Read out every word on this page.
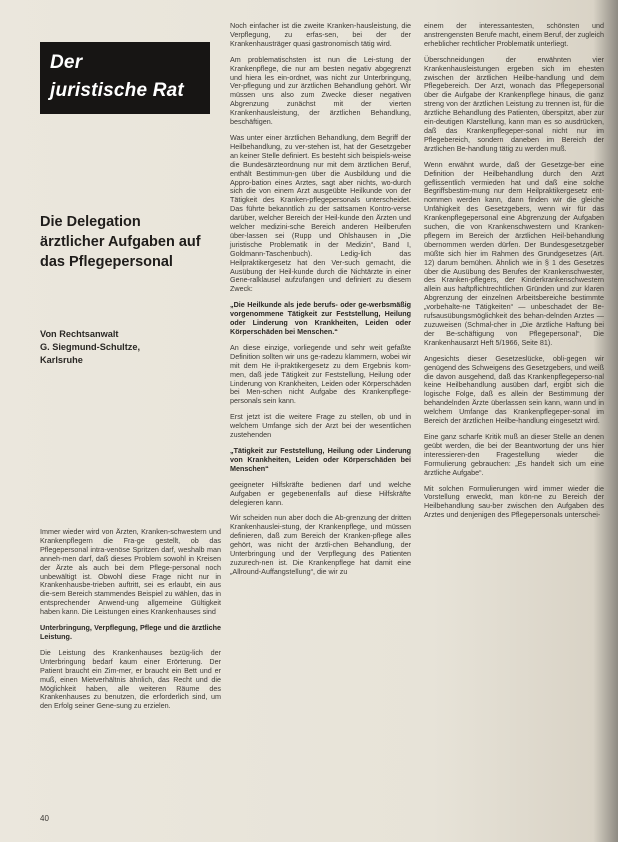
Der
juristische Rat
Die Delegation
ärztlicher Aufgaben auf
das Pflegepersonal
Von Rechtsanwalt
G. Siegmund-Schultze,
Karlsruhe

Immer wieder wird von Ärzten, Kranken-schwestern und Krankenpflegern die Fra-ge gestellt, ob das Pflegepersonal intra-venöse Spritzen darf, weshalb man anneh-men darf, daß dieses Problem sowohl in Kreisen der Ärzte als auch bei dem Pflege-personal noch unbewältigt ist. Obwohl diese Frage nicht nur in Krankenhausbe-trieben auftritt, sei es erlaubt, ein aus die-sem Bereich stammendes Beispiel zu wählen, das in entsprechender Anwend-ung allgemeine Gültigkeit haben kann. Die Leistungen eines Krankenhauses sind

Unterbringung, Verpflegung, Pflege und die ärztliche Leistung.

Die Leistung des Krankenhauses bezüg-lich der Unterbringung bedarf kaum einer Erörterung. Der Patient braucht ein Zim-mer, er braucht ein Bett und er muß, einen Mietverhältnis ähnlich, das Recht und die Möglichkeit haben, alle weiteren Räume des Krankenhauses zu benutzen, die erforderlich sind, um den Erfolg seiner Gene-sung zu erzielen.

Noch einfacher ist die zweite Kranken-hausleistung, die Verpflegung, zu erfas-sen, bei der der Krankenhausträger quasi gastronomisch tätig wird.

Am problematischsten ist nun die Lei-stung der Krankenpflege, die nur am besten negativ abgegrenzt und hiera les ein-ordnet, was nicht zur Unterbringung, Ver-pflegung und zur ärztlichen Behandlung gehört. Wir müssen uns also zum Zwecke dieser negativen Abgrenzung zunächst mit der vierten Krankenhausleistung, der ärztlichen Behandlung, beschäftigen.

Was unter einer ärztlichen Behandlung, dem Begriff der Heilbehandlung, zu ver-stehen ist, hat der Gesetzgeber an keiner Stelle definiert. Es besteht sich beispiels-weise die Bundesärzteordnung nur mit dem ärztlichen Beruf, enthält Bestimmun-gen über die Ausbildung und die Appro-bation eines Arztes, sagt aber nichts, wo-durch sich die von einem Arzt ausgeübte Heilkunde von der Tätigkeit des Kranken-pflegepersonals unterscheidet. Das führte bekanntlich zu der sattsamen Kontro-verse darüber, welcher Bereich der Heil-kunde den Ärzten und welcher medizini-sche Bereich anderen Heilberufen über-lassen sei (Rupp und Ohlshausen in „Die juristische Problematik in der Medizin“, Band I, Goldmann-Taschenbuch). Ledig-lich das Heilpraktikergesetz hat den Ver-such gemacht, die Ausübung der Heil-kunde durch die Nichtärzte in einer Gene-ralklausel aufzufangen und definiert zu diesem Zweck:

„Die Heilkunde als jede berufs- oder ge-werbsmäßig vorgenommene Tätigkeit zur Feststellung, Heilung oder Linderung von Krankheiten, Leiden oder Körperschäden bei Menschen.“

An diese einzige, vorliegende und sehr weit gefaßte Definition sollten wir uns ge-radezu klammern, wobei wir mit dem He il-praktikergesetz zu dem Ergebnis kom-men, daß jede Tätigkeit zur Feststellung, Heilung oder Linderung von Krankheiten, Leiden oder Körperschäden bei Men-schen nicht Aufgabe des Krankenpflege-personals sein kann.

Erst jetzt ist die weitere Frage zu stellen, ob und in welchem Umfange sich der Arzt bei der wesentlichen zustehenden

„Tätigkeit zur Feststellung, Heilung oder Linderung von Krankheiten, Leiden oder Körperschäden bei Menschen“

geeigneter Hilfskräfte bedienen darf und welche Aufgaben er gegebenenfalls auf diese Hilfskräfte delegieren kann.

Wir scheiden nun aber doch die Ab-grenzung der dritten Krankenhauslei-stung, der Krankenpflege, und müssen definieren, daß zum Bereich der Kranken-pflege alles gehört, was nicht der ärztli-chen Behandlung, der Unterbringung und der Verpflegung des Patienten zuzurech-nen ist. Die Krankenpflege hat damit eine „Allround-Auffangstellung“, die wir zu

einem der interessantesten, schönsten und anstrengensten Berufe macht, einem Beruf, der zugleich erheblicher rechtlicher Problematik unterliegt.

Überschneidungen der erwähnten vier Krankenhausleistungen ergeben sich im ehesten zwischen der ärztlichen Heilbe-handlung und dem Pflegebereich. Der Arzt, wonach das Pflegepersonal über die Aufgabe der Krankenpflege hinaus, die ganz streng von der ärztlichen Leistung zu trennen ist, für die ärztliche Behandlung des Patienten, überspitzt, aber zur ein-deutigen Klarstellung, kann man es so ausdrücken, daß das Krankenpflegeper-sonal nicht nur im Pflegebereich, sondern daneben im Bereich der ärztlichen Be-handlung tätig zu werden muß.

Wenn erwähnt wurde, daß der Gesetzge-ber eine Definition der Heilbehandlung durch den Arzt geflissentlich vermieden hat und daß eine solche Begriffsbestim-mung nur dem Heilpraktikergesetz ent-nommen werden kann, dann finden wir die gleiche Unfähigkeit des Gesetzgebers, wenn wir für das Krankenpflegepersonal eine Abgrenzung der Aufgaben suchen, die von Krankenschwestern und Kranken-pflegern im Bereich der ärztlichen Heil-behandlung übernommen werden dürfen. Der Bundesgesetzgeber müßte sich hier im Rahmen des Grundgesetzes (Art. 12) darum bemühen. Ähnlich wie in § 1 des Gesetzes über die Ausübung des Berufes der Krankenschwester, des Kranken-pflegers, der Kinderkrankenschwestern allein aus haftpflichtrechtlichen Gründen und zur klaren Abgrenzung der einzelnen Arbeitsbereiche bestimmte „vorbehalte-ne Tätigkeiten“ — unbeschadet der Be-rufsausübungsmöglichkeit des behan-delnden Arztes — zuzuweisen (Schmal-cher in „Die ärztliche Haftung bei der Be-schäftigung von Pflegepersonal“, Die Krankenhausarzt Heft 5/1966, Seite 81).

Angesichts dieser Gesetzeslücke, obli-gegen wir genügend des Schweigens des Gesetzgebers, und weiß die davon ausgehend, daß das Krankenpflegeperso-nal keine Heilbehandlung ausüben darf, ergibt sich die logische Folge, daß es allein der Bestimmung der behandelnden Ärzte überlassen sein kann, wann und in welchem Umfange das Krankenpflegeper-sonal im Bereich der ärztlichen Heilbe-handlung eingesetzt wird.

Eine ganz scharfe Kritik muß an dieser Stelle an denen geübt werden, die bei der Beantwortung der uns hier interessieren-den Fragestellung wieder die Formulierung gebrauchen: „Es handelt sich um eine ärztliche Aufgabe“.

Mit solchen Formulierungen wird immer wieder die Vorstellung erweckt, man kön-ne zu Bereich der Heilbehandlung sau-ber zwischen den Aufgaben des Arztes und denjenigen des Pflegepersonals unterschei-

40
